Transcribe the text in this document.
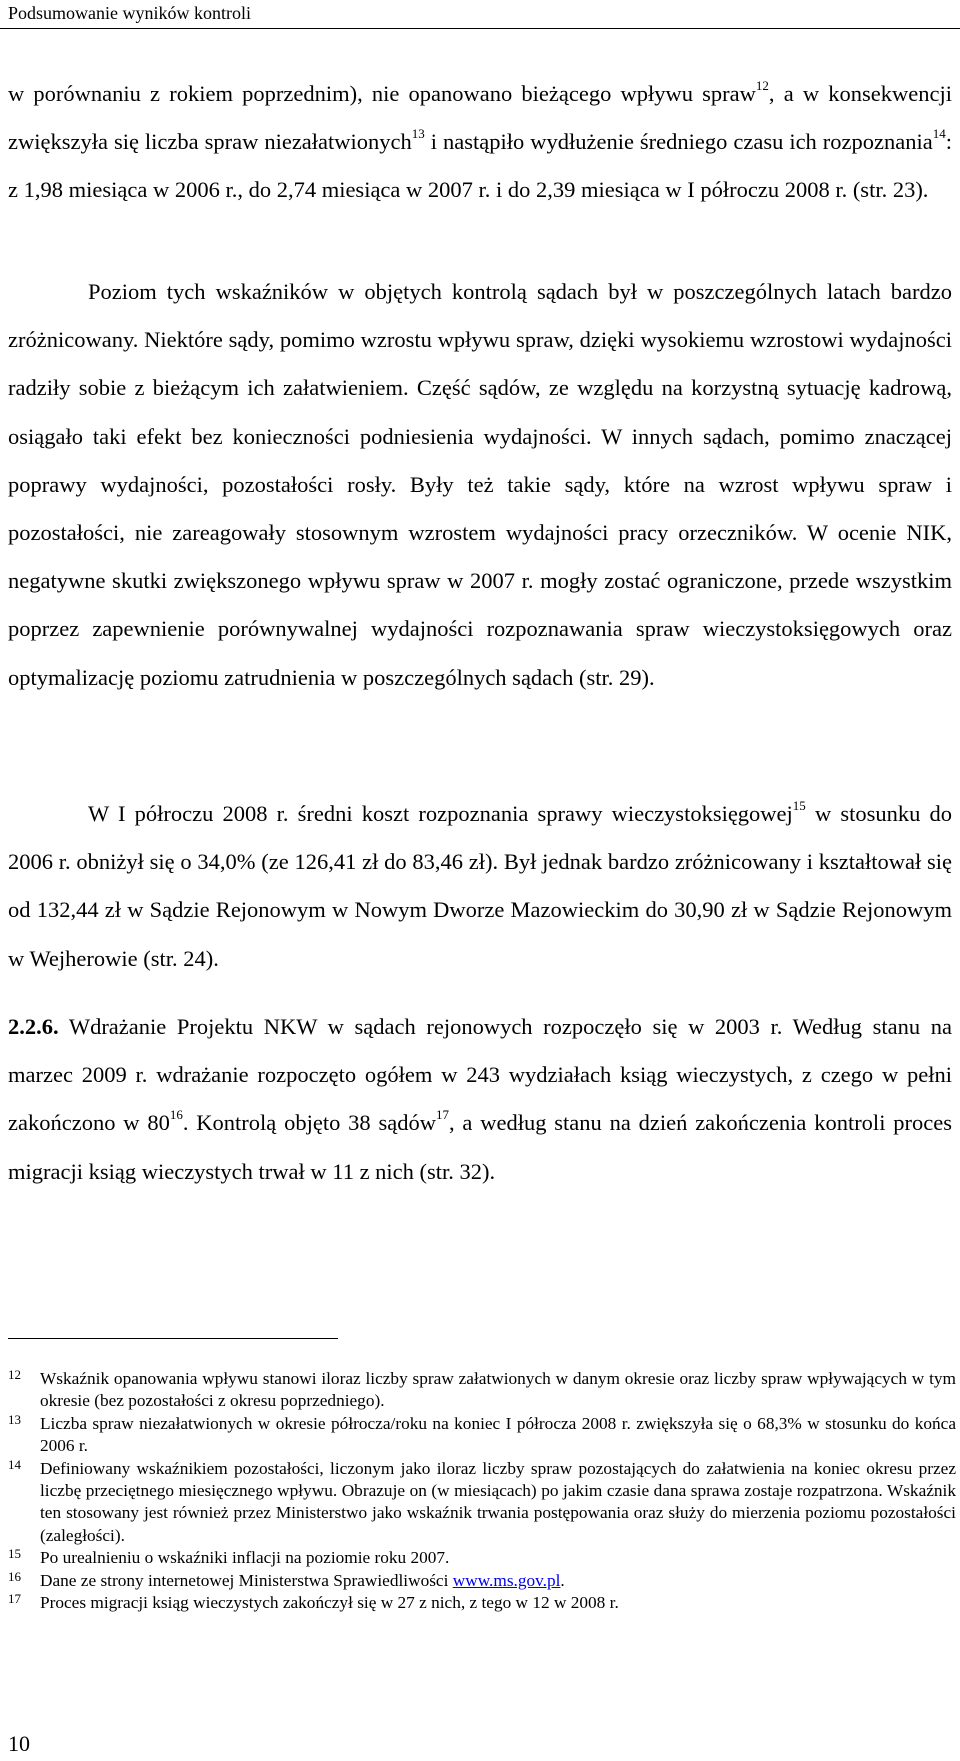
Podsumowanie wyników kontroli

w porównaniu z rokiem poprzednim), nie opanowano bieżącego wpływu spraw$^{12}$, a w konsekwencji zwiększyła się liczba spraw niezałatwionych$^{13}$ i nastąpiło wydłużenie średniego czasu ich rozpoznania$^{14}$: z 1,98 miesiąca w 2006 r., do 2,74 miesiąca w 2007 r. i do 2,39 miesiąca w I półroczu 2008 r. (str. 23).

Poziom tych wskaźników w objętych kontrolą sądach był w poszczególnych latach bardzo zróżnicowany. Niektóre sądy, pomimo wzrostu wpływu spraw, dzięki wysokiemu wzrostowi wydajności radziły sobie z bieżącym ich załatwieniem. Część sądów, ze względu na korzystną sytuację kadrową, osiągało taki efekt bez konieczności podniesienia wydajności. W innych sądach, pomimo znaczącej poprawy wydajności, pozostałości rosły. Były też takie sądy, które na wzrost wpływu spraw i pozostałości, nie zareagowały stosownym wzrostem wydajności pracy orzeczników. W ocenie NIK, negatywne skutki zwiększonego wpływu spraw w 2007 r. mogły zostać ograniczone, przede wszystkim poprzez zapewnienie porównywalnej wydajności rozpoznawania spraw wieczystoksięgowych oraz optymalizację poziomu zatrudnienia w poszczególnych sądach (str. 29).

W I półroczu 2008 r. średni koszt rozpoznania sprawy wieczystoksięgowej$^{15}$ w stosunku do 2006 r. obniżył się o 34,0% (ze 126,41 zł do 83,46 zł). Był jednak bardzo zróżnicowany i kształtował się od 132,44 zł w Sądzie Rejonowym w Nowym Dworze Mazowieckim do 30,90 zł w Sądzie Rejonowym w Wejherowie (str. 24).

2.2.6. Wdrażanie Projektu NKW w sądach rejonowych rozpoczęło się w 2003 r. Według stanu na marzec 2009 r. wdrażanie rozpoczęto ogółem w 243 wydziałach ksiąg wieczystych, z czego w pełni zakończono w $80^{16}$. Kontrolą objęto 38 sądów$^{17}$, a według stanu na dzień zakończenia kontroli proces migracji ksiąg wieczystych trwał w 11 z nich (str. 32).

12 Wskaźnik opanowania wpływu stanowi iloraz liczby spraw załatwionych w danym okresie oraz liczby spraw wpływających w tym okresie (bez pozostałości z okresu poprzedniego).

13 Liczba spraw niezałatwionych w okresie półrocza/roku na koniec I półrocza 2008 r. zwiększyła się o 68,3% w stosunku do końca 2006 r.

14 Definiowany wskaźnikiem pozostałości, liczonym jako iloraz liczby spraw pozostających do załatwienia na koniec okresu przez liczbę przeciętnego miesięcznego wpływu. Obrazuje on (w miesiącach) po jakim czasie dana sprawa zostaje rozpatrzona. Wskaźnik ten stosowany jest również przez Ministerstwo jako wskaźnik trwania postępowania oraz służy do mierzenia poziomu pozostałości (zaległości).

15 Po urealnieniu o wskaźniki inflacji na poziomie roku 2007.

16 Dane ze strony internetowej Ministerstwa Sprawiedliwości www.ms.gov.pl.

17 Proces migracji ksiąg wieczystych zakończył się w 27 z nich, z tego w 12 w 2008 r.

10
